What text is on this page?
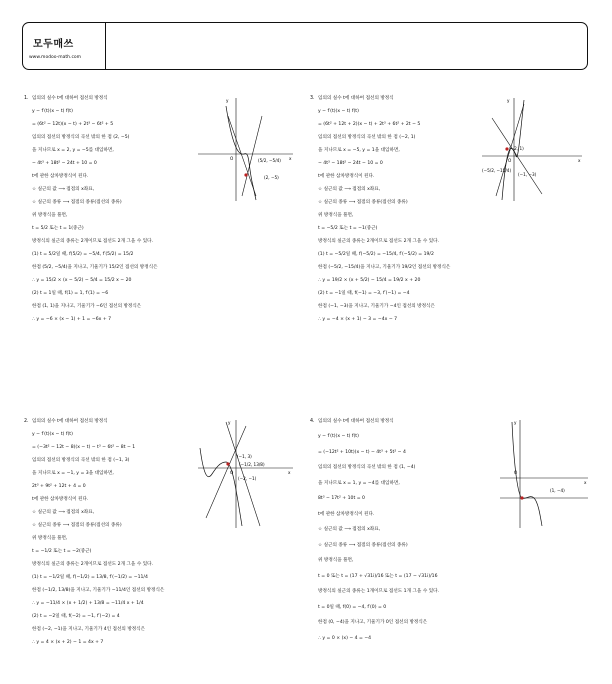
모두매쓰
www.modoo-math.com
1. 임의의 실수 t에 대하여 접선의 방정식
y − f′(t)(x − t) f(t)
= (6t² − 12t)(x − t) + 2t³ − 6t² + 5
임의의 접선의 방정식의 곡선 밖의 한 점 (2, −5)
을 지나므로 x = 2, y = −5를 대입하면,
− 4t³ + 18t² − 24t + 10 = 0
t에 관한 삼차방정식이 된다.
☆ 실근의 값 ⟶ 접점의 x좌표,
☆ 실근의 종류 ⟶ 접점의 종류(접선의 종류)
위 방정식을 풀면,
t = 5/2 또는 t = 1(중근)
방정식의 실근의 종류는 2개이므로 접선도 2개 그을 수 있다.
(1) t = 5/2일 때, f(5/2) = −5/4, f′(5/2) = 15/2
한점 (5/2, −5/4)을 지나고, 기울기가 15/2인 접선의 방정식은
∴ y = 15/2 × (x − 5/2) − 5/4 = 15/2 x − 20
(2) t = 1일 때, f(1) = 1, f′(1) = −6
한점 (1, 1)을 지나고, 기울기가 −6인 접선의 방정식은
∴ y = −6 × (x − 1) + 1 = −6x + 7
y
x
O	(5/2, −5/4)
(2, −5)
3. 임의의 실수 t에 대하여 접선의 방정식
y − f′(t)(x − t) f(t)
= (6t² + 12t + 2)(x − t) + 2t³ + 6t² + 2t − 5
임의의 접선의 방정식의 곡선 밖의 한 점 (−2, 1)
을 지나므로 x = −5, y = 1을 대입하면,
− 4t³ − 18t² − 24t − 10 = 0
t에 관한 삼차방정식이 된다.
☆ 실근의 값 ⟶ 접점의 x좌표,
☆ 실근의 종류 ⟶ 접점의 종류(접선의 종류)
위 방정식을 풀면,
t = −5/2 또는 t = −1(중근)
방정식의 실근의 종류는 2개이므로 접선도 2개 그을 수 있다.
(1) t = −5/2일 때, f(−5/2) = −15/4, f′(−5/2) = 19/2
한점 (−5/2, −15/4)을 지나고, 기울기가 19/2인 접선의 방정식은
∴ y = 19/2 × (x + 5/2) − 15/4 = 19/2 x + 20
(2) t = −1일 때, f(−1) = −3, f′(−1) = −4
한점 (−1, −3)을 지나고, 기울기가 −4인 접선의 방정식은
∴ y = −4 × (x + 1) − 3 = −4x − 7
y
x
O
(−2, 1)
(−5/2, −15/4)
(−1, −3)
2. 임의의 실수 t에 대하여 접선의 방정식
y − f′(t)(x − t) f(t)
= (−3t² − 12t − 8)(x − t) − t³ − 6t² − 8t − 1
임의의 접선의 방정식의 곡선 밖의 한 점 (−1, 3)
을 지나므로 x = −1, y = 3을 대입하면,
2t³ + 9t² + 12t + 4 = 0
t에 관한 삼차방정식이 된다.
☆ 실근의 값 ⟶ 접점의 x좌표,
☆ 실근의 종류 ⟶ 접점의 종류(접선의 종류)
위 방정식을 풀면,
t = −1/2 또는 t = −2(중근)
방정식의 실근의 종류는 2개이므로 접선도 2개 그을 수 있다.
(1) t = −1/2일 때, f(−1/2) = 13/8, f′(−1/2) = −11/4
한점 (−1/2, 13/8)을 지나고, 기울기가 −11/4인 접선의 방정식은
∴ y = −11/4 × (x + 1/2) + 13/8 = −11/4 x + 1/4
(2) t = −2일 때, f(−2) = −1, f′(−2) = 4
한점 (−2, −1)을 지나고, 기울기가 4인 접선의 방정식은
∴ y = 4 × (x + 2) − 1 = 4x + 7
y
x
O
(−1/2, 13/8)
(−1, 3)
(−2, −1)
4. 임의의 실수 t에 대하여 접선의 방정식
y − f′(t)(x − t) f(t)
= (−12t² + 10t)(x − t) − 4t³ + 5t² − 4
임의의 접선의 방정식의 곡선 밖의 한 점 (1, −4)
을 지나므로 x = 1, y = −4를 대입하면,
8t³ − 17t² + 10t = 0
t에 관한 삼차방정식이 된다.
☆ 실근의 값 ⟶ 접점의 x좌표,
☆ 실근의 종류 ⟶ 접점의 종류(접선의 종류)
위 방정식을 풀면,
t = 0 또는 t = (17 + √31i)/16 또는 t = (17 − √31i)/16
방정식의 실근의 종류는 1개이므로 접선도 1개 그을 수 있다.
t = 0일 때, f(0) = −4, f′(0) = 0
한점 (0, −4)을 지나고, 기울기가 0인 접선의 방정식은
∴ y = 0 × (x) − 4 = −4
y
x
O
(1, −4)
